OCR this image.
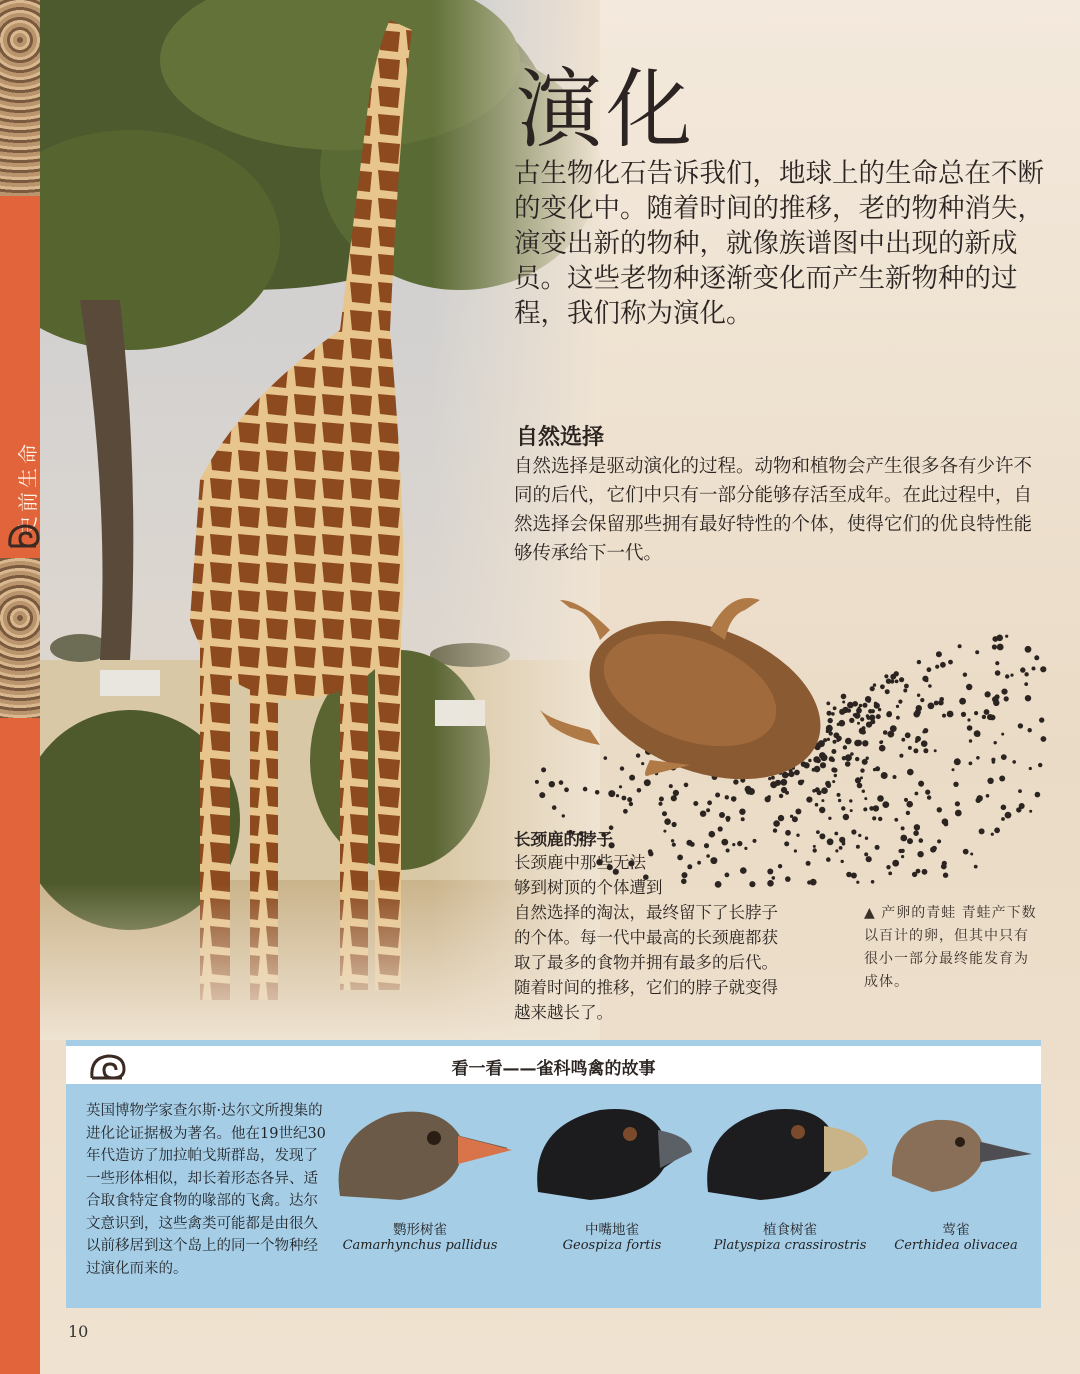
史前生命
演化

古生物化石告诉我们，地球上的生命总在不断的变化中。随着时间的推移，老的物种消失，演变出新的物种，就像族谱图中出现的新成员。这些老物种逐渐变化而产生新物种的过程，我们称为演化。

自然选择

自然选择是驱动演化的过程。动物和植物会产生很多各有少许不同的后代，它们中只有一部分能够存活至成年。在此过程中，自然选择会保留那些拥有最好特性的个体，使得它们的优良特性能够传承给下一代。

长颈鹿的脖子

长颈鹿中那些无法
够到树顶的个体遭到
自然选择的淘汰，最终留下了长脖子
的个体。每一代中最高的长颈鹿都获
取了最多的食物并拥有最多的后代。
随着时间的推移，它们的脖子就变得
越来越长了。

▲ 产卵的青蛙 青蛙产下数以百计的卵，但其中只有很小一部分最终能发育为成体。

看一看——雀科鸣禽的故事

英国博物学家查尔斯·达尔文所搜集的进化论证据极为著名。他在19世纪30年代造访了加拉帕戈斯群岛，发现了一些形体相似，却长着形态各异、适合取食特定食物的喙部的飞禽。达尔文意识到，这些禽类可能都是由很久以前移居到这个岛上的同一个物种经过演化而来的。

鹦形树雀
Camarhynchus pallidus
中嘴地雀
Geospiza fortis
植食树雀
Platyspiza crassirostris
莺雀
Certhidea olivacea
10
